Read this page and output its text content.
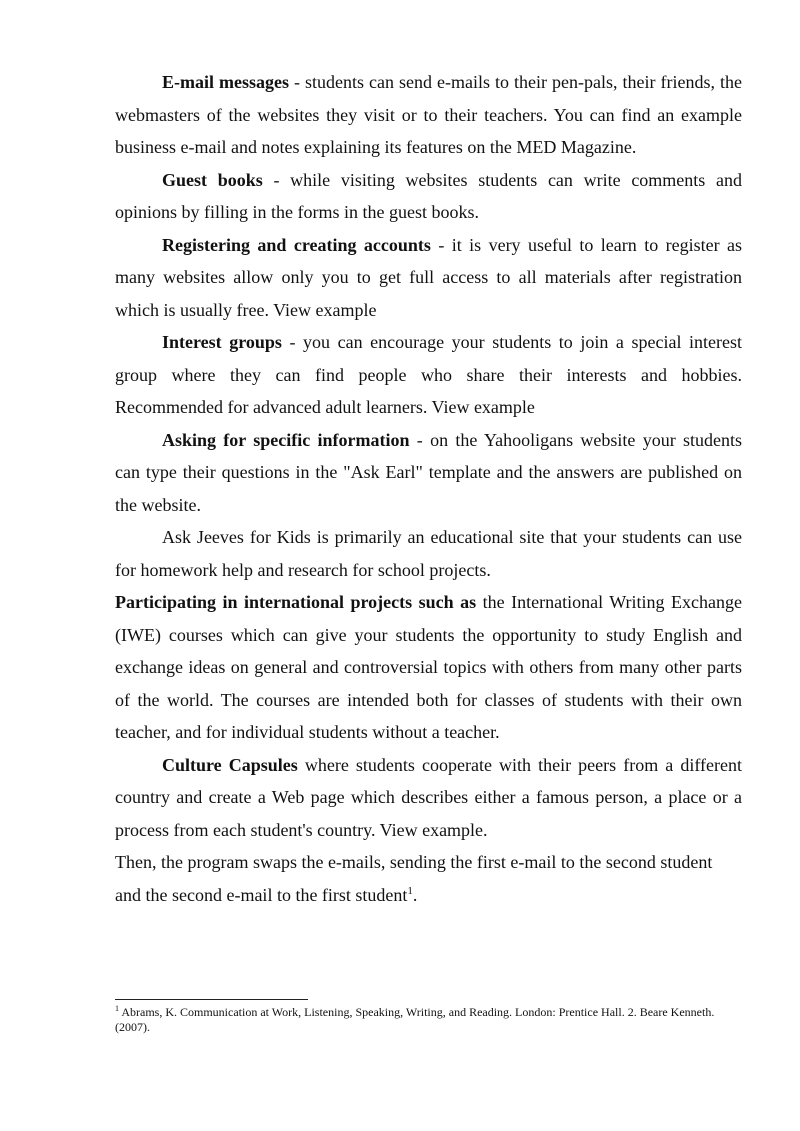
E-mail messages - students can send e-mails to their pen-pals, their friends, the webmasters of the websites they visit or to their teachers. You can find an example business e-mail and notes explaining its features on the MED Magazine.

Guest books - while visiting websites students can write comments and opinions by filling in the forms in the guest books.

Registering and creating accounts - it is very useful to learn to register as many websites allow only you to get full access to all materials after registration which is usually free. View example

Interest groups - you can encourage your students to join a special interest group where they can find people who share their interests and hobbies. Recommended for advanced adult learners. View example

Asking for specific information - on the Yahooligans website your students can type their questions in the "Ask Earl" template and the answers are published on the website.

Ask Jeeves for Kids is primarily an educational site that your students can use for homework help and research for school projects.

Participating in international projects such as the International Writing Exchange (IWE) courses which can give your students the opportunity to study English and exchange ideas on general and controversial topics with others from many other parts of the world. The courses are intended both for classes of students with their own teacher, and for individual students without a teacher.

Culture Capsules where students cooperate with their peers from a different country and create a Web page which describes either a famous person, a place or a process from each student's country. View example.

Then, the program swaps the e-mails, sending the first e-mail to the second student and the second e-mail to the first student$^1$.

$^1$ Abrams, K. Communication at Work, Listening, Speaking, Writing, and Reading. London: Prentice Hall. 2. Beare Kenneth. (2007).
